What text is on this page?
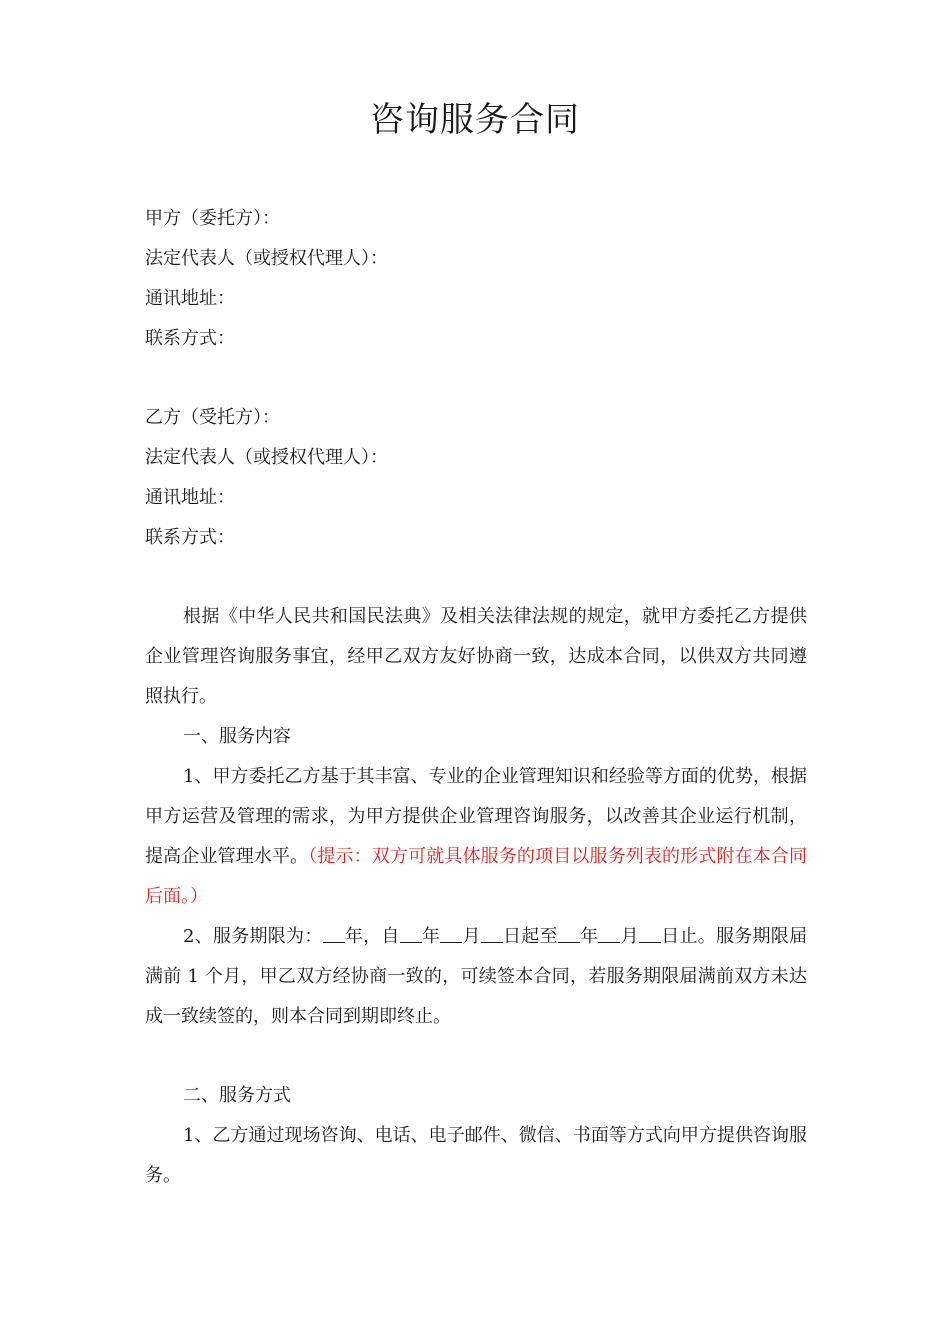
咨询服务合同
甲方（委托方）：
法定代表人（或授权代理人）：
通讯地址：
联系方式：
乙方（受托方）：
法定代表人（或授权代理人）：
通讯地址：
联系方式：
根据《中华人民共和国民法典》及相关法律法规的规定，就甲方委托乙方提供企业管理咨询服务事宜，经甲乙双方友好协商一致，达成本合同，以供双方共同遵照执行。
一、服务内容
1、甲方委托乙方基于其丰富、专业的企业管理知识和经验等方面的优势，根据甲方运营及管理的需求，为甲方提供企业管理咨询服务，以改善其企业运行机制，提高企业管理水平。（提示：双方可就具体服务的项目以服务列表的形式附在本合同后面。）
2、服务期限为： 年，自 年 月 日起至 年 月 日止。服务期限届满前 1 个月，甲乙双方经协商一致的，可续签本合同，若服务期限届满前双方未达成一致续签的，则本合同到期即终止。
二、服务方式
1、乙方通过现场咨询、电话、电子邮件、微信、书面等方式向甲方提供咨询服务。
